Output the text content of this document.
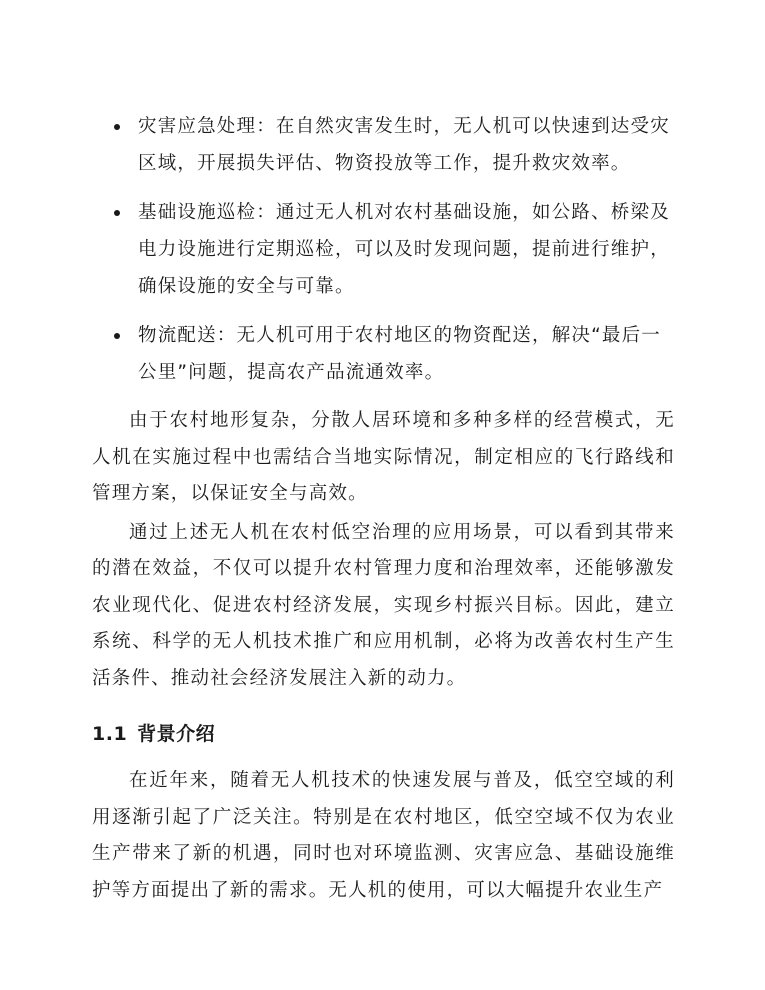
灾害应急处理：在自然灾害发生时，无人机可以快速到达受灾区域，开展损失评估、物资投放等工作，提升救灾效率。
基础设施巡检：通过无人机对农村基础设施，如公路、桥梁及电力设施进行定期巡检，可以及时发现问题，提前进行维护，确保设施的安全与可靠。
物流配送：无人机可用于农村地区的物资配送，解决“最后一公里”问题，提高农产品流通效率。

由于农村地形复杂，分散人居环境和多种多样的经营模式，无人机在实施过程中也需结合当地实际情况，制定相应的飞行路线和管理方案，以保证安全与高效。

通过上述无人机在农村低空治理的应用场景，可以看到其带来的潜在效益，不仅可以提升农村管理力度和治理效率，还能够激发农业现代化、促进农村经济发展，实现乡村振兴目标。因此，建立系统、科学的无人机技术推广和应用机制，必将为改善农村生产生活条件、推动社会经济发展注入新的动力。

1.1 背景介绍

在近年来，随着无人机技术的快速发展与普及，低空空域的利用逐渐引起了广泛关注。特别是在农村地区，低空空域不仅为农业生产带来了新的机遇，同时也对环境监测、灾害应急、基础设施维护等方面提出了新的需求。无人机的使用，可以大幅提升农业生产
